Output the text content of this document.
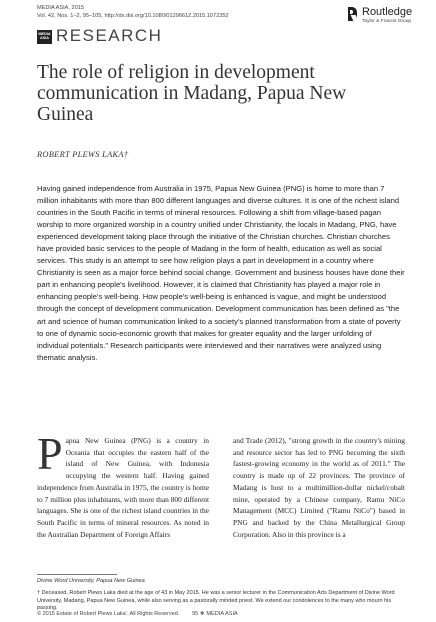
MEDIA ASIA, 2015
Vol. 42, Nos. 1–2, 95–105, http://dx.doi.org/10.1080/01296612.2015.1072352	Routledge
Taylor & Francis Group
MEDIA
ASIA RESEARCH
The role of religion in development communication in Madang, Papua New Guinea
ROBERT PLEWS LAKA†
Having gained independence from Australia in 1975, Papua New Guinea (PNG) is home to more than 7 million inhabitants with more than 800 different languages and diverse cultures. It is one of the richest island countries in the South Pacific in terms of mineral resources. Following a shift from village-based pagan worship to more organized worship in a country unified under Christianity, the locals in Madang, PNG, have experienced development taking place through the initiative of the Christian churches. Christian churches have provided basic services to the people of Madang in the form of health, education as well as social services. This study is an attempt to see how religion plays a part in development in a country where Christianity is seen as a major force behind social change. Government and business houses have done their part in enhancing people's livelihood. However, it is claimed that Christianity has played a major role in enhancing people's well-being. How people's well-being is enhanced is vague, and might be understood through the concept of development communication. Development communication has been defined as "the art and science of human communication linked to a society's planned transformation from a state of poverty to one of dynamic socio-economic growth that makes for greater equality and the larger unfolding of individual potentials." Research participants were interviewed and their narratives were analyzed using thematic analysis.
Papua New Guinea (PNG) is a country in Oceania that occupies the eastern half of the island of New Guinea, with Indonesia occupying the western half. Having gained independence from Australia in 1975, the country is home to 7 million plus inhabitants, with more than 800 different languages. She is one of the richest island countries in the South Pacific in terms of mineral resources. As noted in the Australian Department of Foreign Affairs
and Trade (2012), "strong growth in the country's mining and resource sector has led to PNG becoming the sixth fastest-growing economy in the world as of 2011." The country is made up of 22 provinces. The province of Madang is host to a multimillion-dollar nickel/cobalt mine, operated by a Chinese company, Ramu NiCo Management (MCC) Limited ("Ramu NiCo") based in PNG and backed by the China Metallurgical Group Corporation. Also in this province is a
Divine Word University, Papua New Guinea
† Deceased. Robert Plews Laka died at the age of 43 in May 2015. He was a senior lecturer in the Communication Arts Department of Divine Word University, Madang, Papua New Guinea, while also serving as a pastorally minded priest. We extend our condolences to the many who mourn his passing.
© 2015 Estate of Robert Plews Laka'. All Rights Reserved. 95 ❖ MEDIA ASIA
